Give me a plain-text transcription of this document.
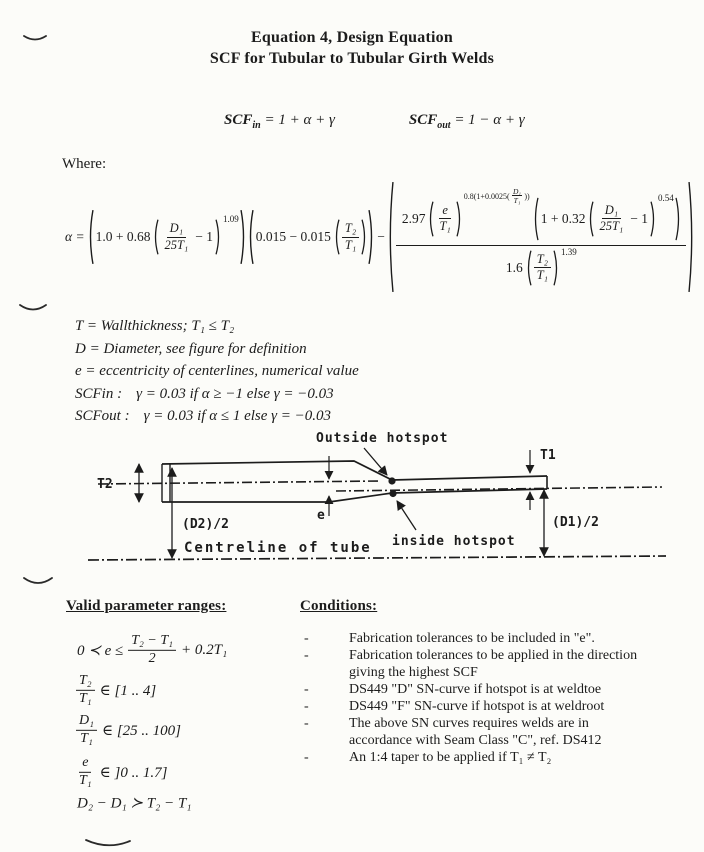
Equation 4, Design Equation
SCF for Tubular to Tubular Girth Welds
$SCF_{in} = 1 + \alpha + \gamma$	$SCF_{out} = 1 - \alpha + \gamma$
Where:
$\alpha = 1.0 + 0.68 \frac{\text{D₁}}{\text{25T₁}} - 1$
1.09
$0.015 - 0.015 \frac{\text{T₂}}{\text{T₁}}$ −
$2.97 \frac{e}{\text{T₁}}$
$0.8(1+0.0025( \frac{\text{D₁}}{\text{T₁}}$ ))
$1 + 0.32 \frac{\text{D₁}}{\text{25T₁}} - 1$
0.54
$1.6 \frac{\text{T₂}}{\text{T₁}}$
1.39
T = Wallthickness; T₁ ≤ T₂
D = Diameter, see figure for definition
e = eccentricity of centerlines, numerical value
SCFin : γ = 0.03 if α ≥ −1 else γ = −0.03
SCFout : γ = 0.03 if α ≤ 1 else γ = −0.03
e
T2
(D2)/2
Centreline of tube
T1
(D1)/2
Outside hotspot
inside hotspot
Valid parameter ranges:
0 ≺ $e \le \frac{\text{T₂ − T₁}}{2} + 0.2T_1$
$\frac{\text{T₂}}{\text{T₁}}$ ∈ [1 .. 4]
$\frac{\text{D₁}}{\text{T₁}}$ ∈ [25 .. 100]
$\frac{e}{\text{T₁}}$ ∈ ]0 .. 1.7]
D₂ − D₁ ≻ T₂ − T₁
Conditions:
-	Fabrication tolerances to be included in "e".
-	Fabrication tolerances to be applied in the direction giving the highest SCF
-	DS449 "D" SN-curve if hotspot is at weldtoe
-	DS449 "F" SN-curve if hotspot is at weldroot
-	The above SN curves requires welds are in accordance with Seam Class "C", ref. DS412
-	An 1:4 taper to be applied if T₁ ≠ T₂
